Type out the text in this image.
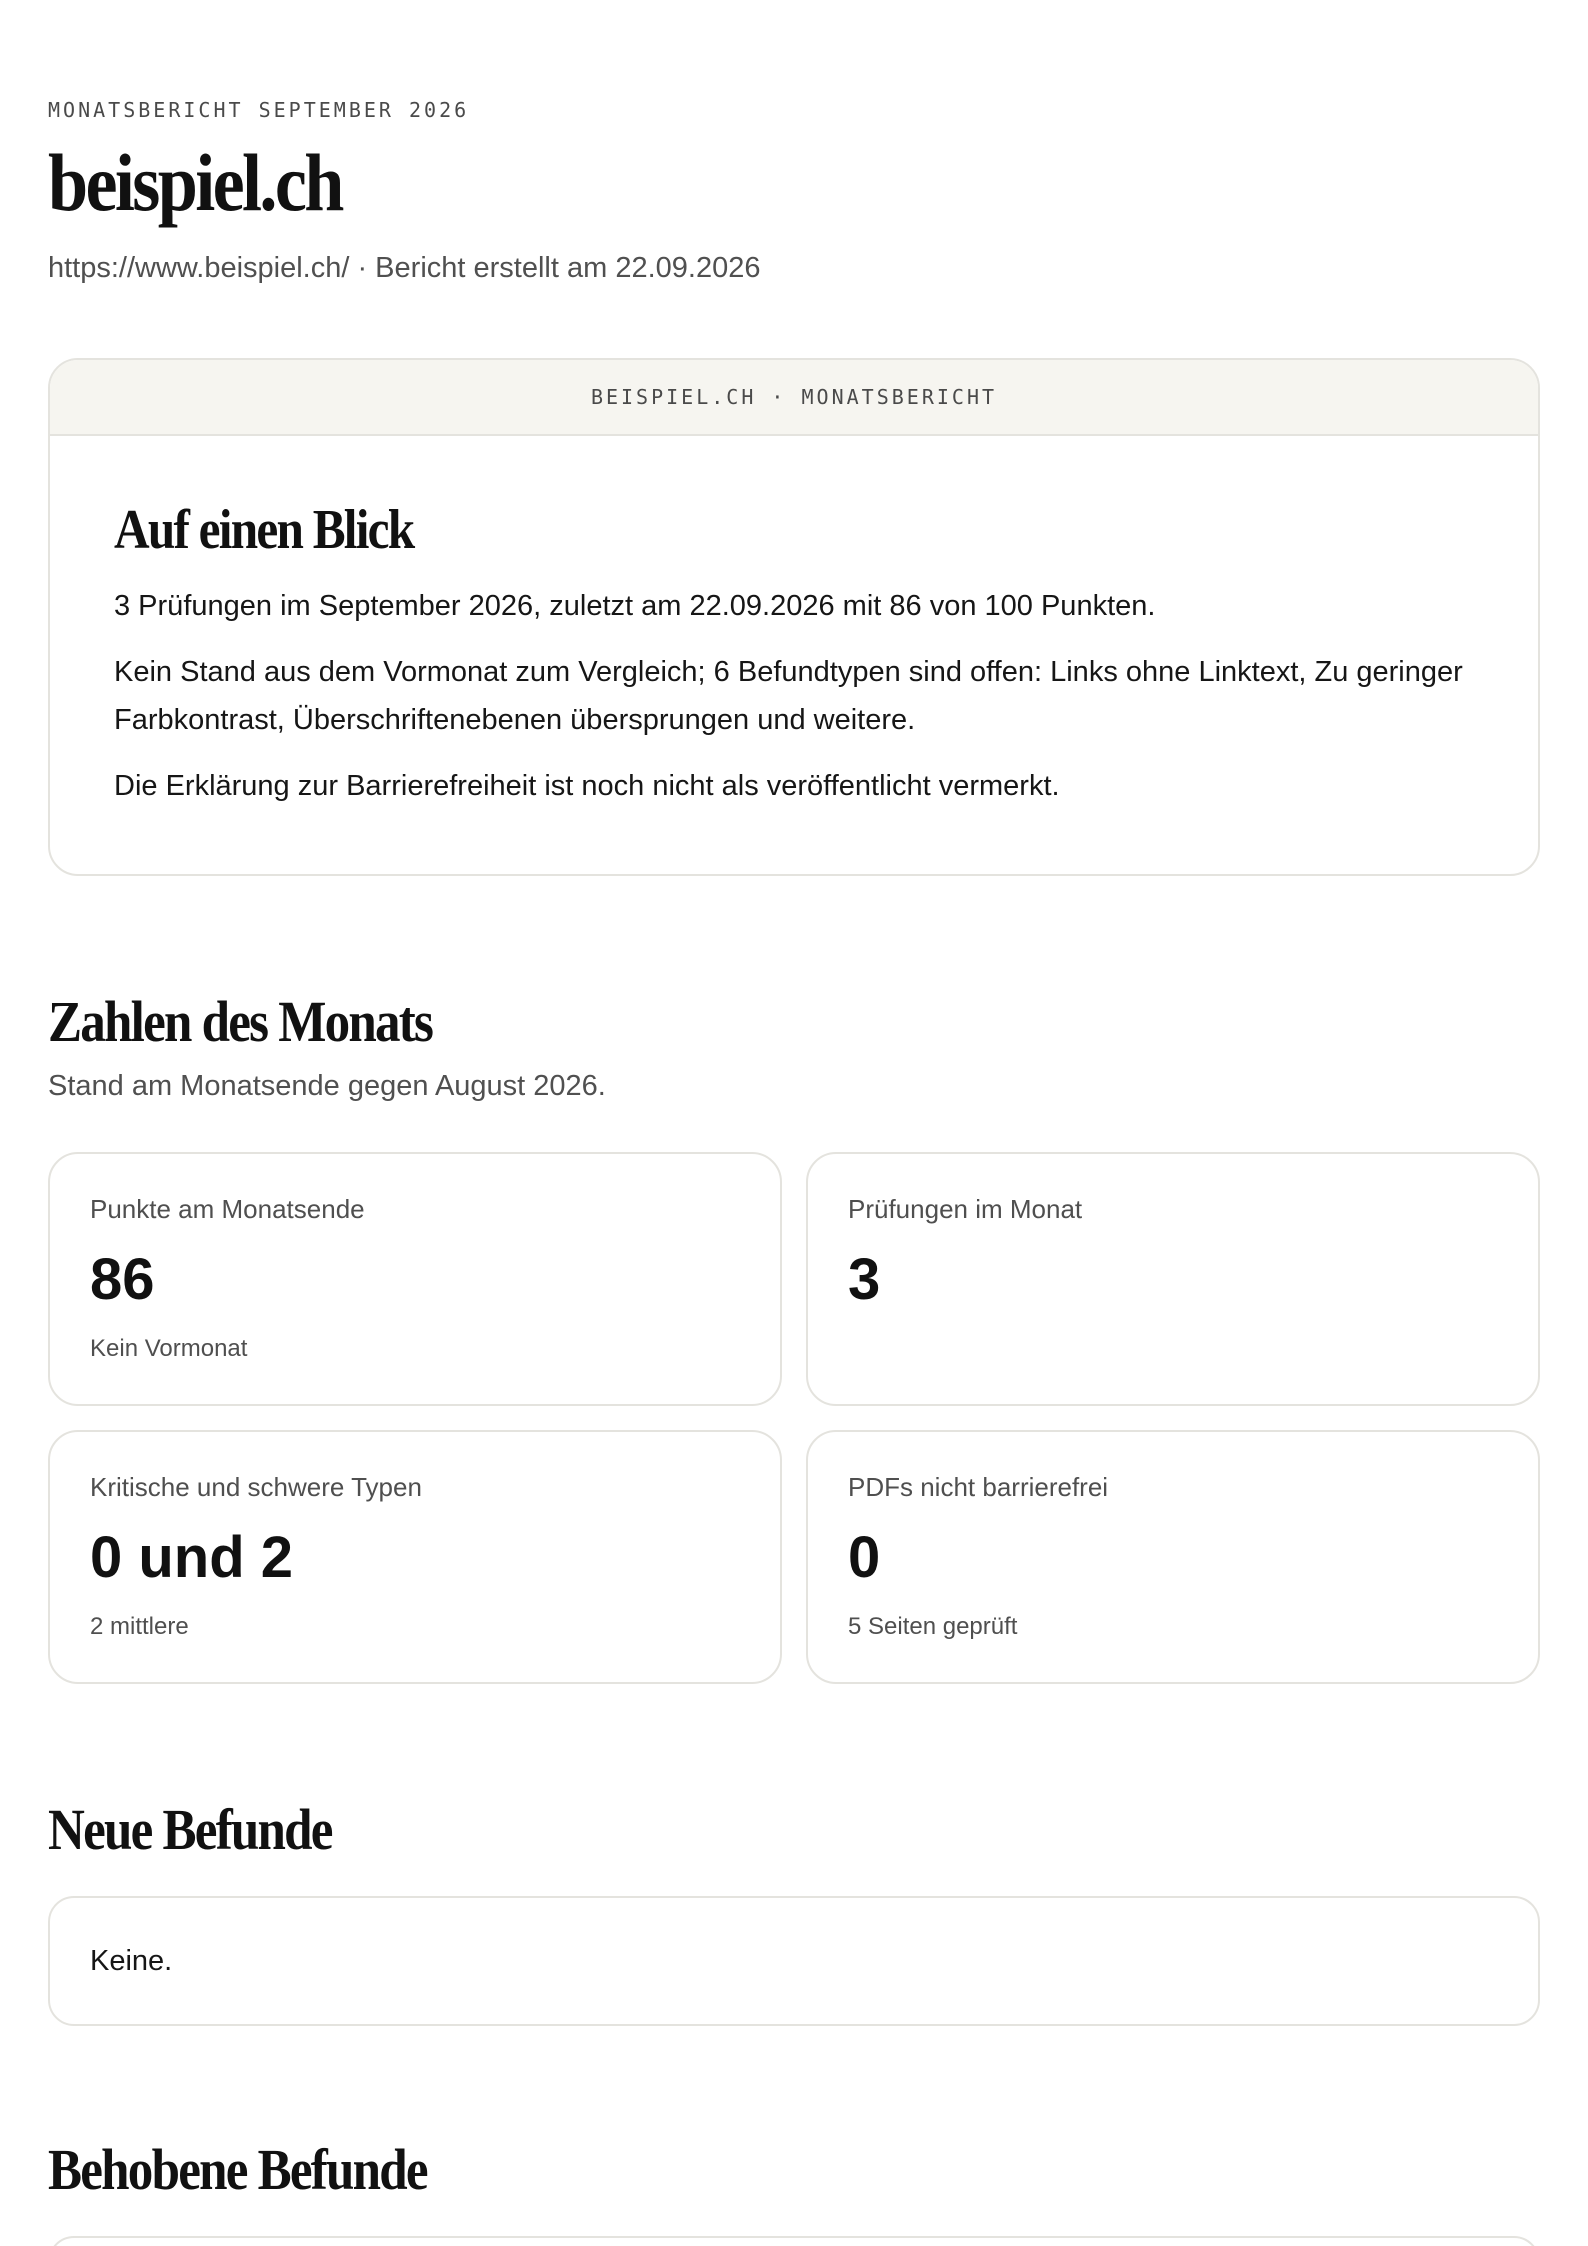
MONATSBERICHT SEPTEMBER 2026
beispiel.ch
https://www.beispiel.ch/ · Bericht erstellt am 22.09.2026
BEISPIEL.CH · MONATSBERICHT
Auf einen Blick

3 Prüfungen im September 2026, zuletzt am 22.09.2026 mit 86 von 100 Punkten.

Kein Stand aus dem Vormonat zum Vergleich; 6 Befundtypen sind offen: Links ohne Linktext, Zu geringer Farbkontrast, Überschriftenebenen übersprungen und weitere.

Die Erklärung zur Barrierefreiheit ist noch nicht als veröffentlicht vermerkt.

Zahlen des Monats
Stand am Monatsende gegen August 2026.
Punkte am Monatsende
86
Kein Vormonat
Prüfungen im Monat
3
Kritische und schwere Typen
0 und 2
2 mittlere
PDFs nicht barrierefrei
0
5 Seiten geprüft
Neue Befunde
Keine.
Behobene Befunde
